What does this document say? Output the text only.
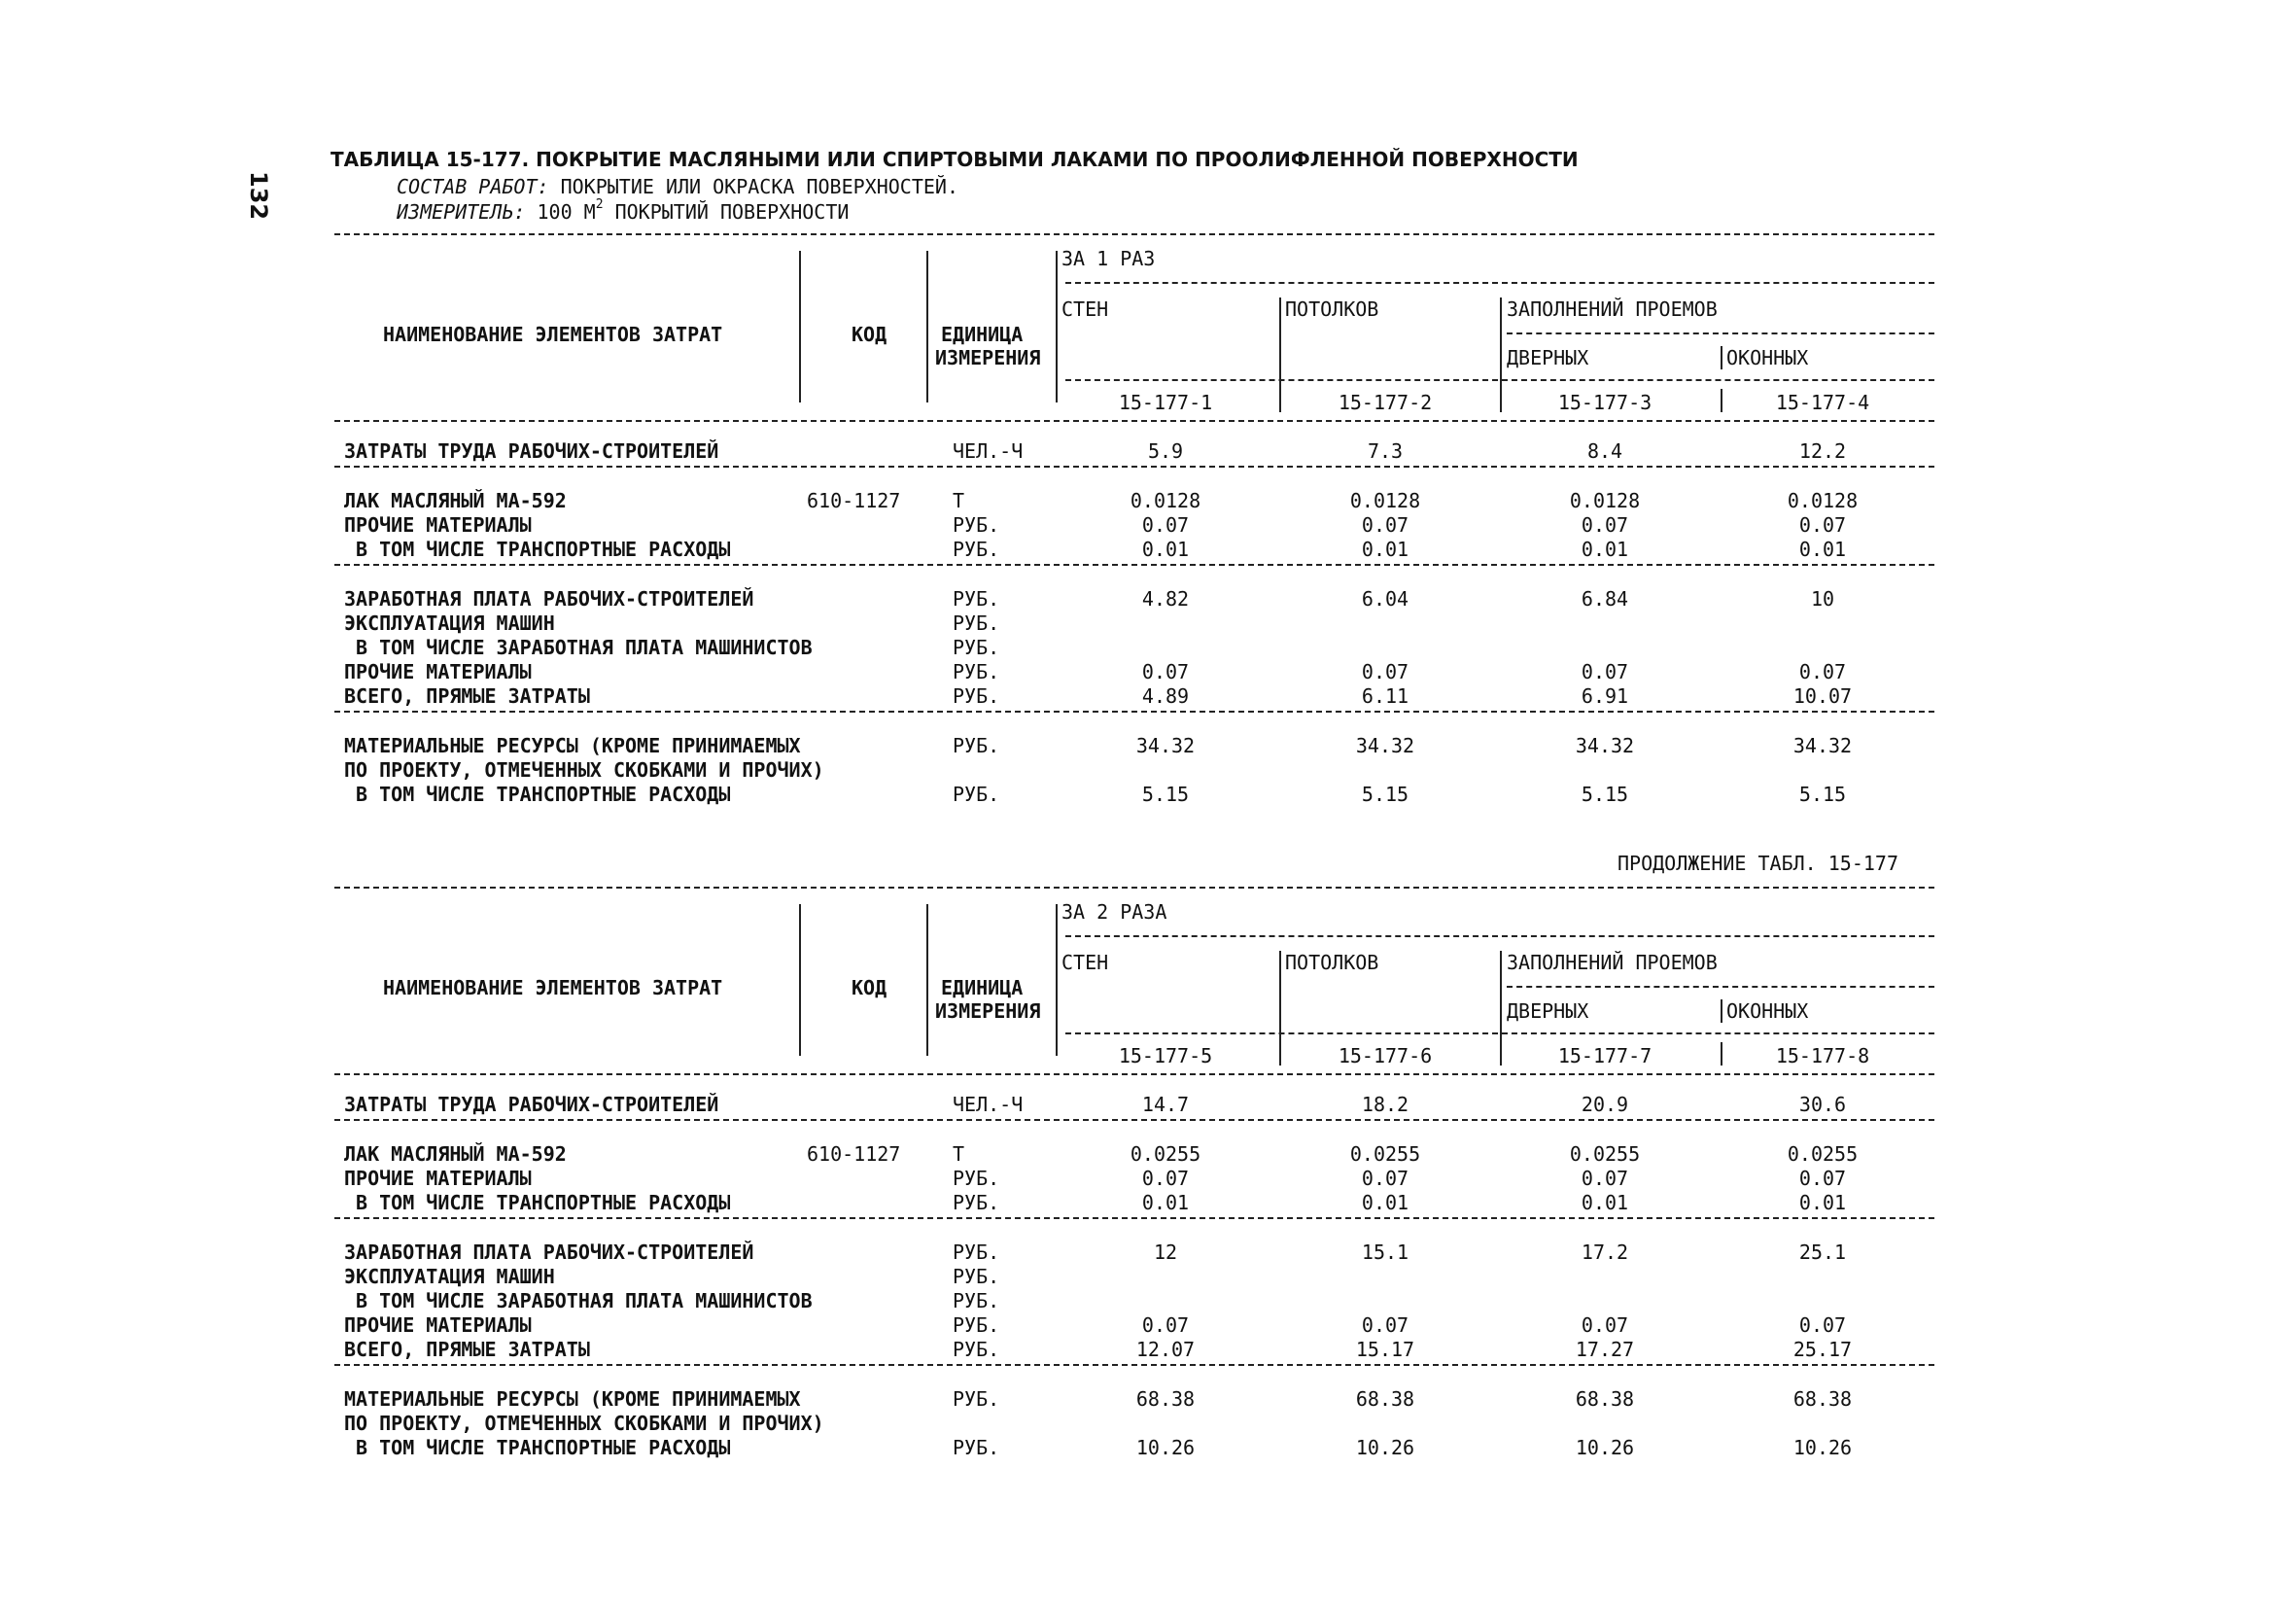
132
ТАБЛИЦА 15-177. ПОКРЫТИЕ МАСЛЯНЫМИ ИЛИ СПИРТОВЫМИ ЛАКАМИ ПО ПРООЛИФЛЕННОЙ ПОВЕРХНОСТИ
СОСТАВ РАБОТ: ПОКРЫТИЕ ИЛИ ОКРАСКА ПОВЕРХНОСТЕЙ.
ИЗМЕРИТЕЛЬ: 100 $М^2$ ПОКРЫТИЙ ПОВЕРХНОСТИ
ПРОДОЛЖЕНИЕ ТАБЛ. 15-177
ЗА 1 РАЗ
СТЕН	ПОТОЛКОВ	ЗАПОЛНЕНИЙ ПРОЕМОВ
ДВЕРНЫХ	ОКОННЫХ
НАИМЕНОВАНИЕ ЭЛЕМЕНТОВ ЗАТРАТ	КОД	ЕДИНИЦА
ИЗМЕРЕНИЯ
15-177-1	15-177-2	15-177-3	15-177-4
ЗАТРАТЫ ТРУДА РАБОЧИХ-СТРОИТЕЛЕЙ	ЧЕЛ.-Ч	5.9	7.3	8.4	12.2
ЛАК МАСЛЯНЫЙ МА-592	610-1127	Т	0.0128	0.0128	0.0128	0.0128
ПРОЧИЕ МАТЕРИАЛЫ	РУБ.	0.07	0.07	0.07	0.07
В ТОМ ЧИСЛЕ ТРАНСПОРТНЫЕ РАСХОДЫ	РУБ.	0.01	0.01	0.01	0.01
ЗАРАБОТНАЯ ПЛАТА РАБОЧИХ-СТРОИТЕЛЕЙ	РУБ.	4.82	6.04	6.84	10
ЭКСПЛУАТАЦИЯ МАШИН	РУБ.
В ТОМ ЧИСЛЕ ЗАРАБОТНАЯ ПЛАТА МАШИНИСТОВ	РУБ.
ПРОЧИЕ МАТЕРИАЛЫ	РУБ.	0.07	0.07	0.07	0.07
ВСЕГО, ПРЯМЫЕ ЗАТРАТЫ	РУБ.	4.89	6.11	6.91	10.07
МАТЕРИАЛЬНЫЕ РЕСУРСЫ (КРОМЕ ПРИНИМАЕМЫХ	РУБ.	34.32	34.32	34.32	34.32
ПО ПРОЕКТУ, ОТМЕЧЕННЫХ СКОБКАМИ И ПРОЧИХ)
В ТОМ ЧИСЛЕ ТРАНСПОРТНЫЕ РАСХОДЫ	РУБ.	5.15	5.15	5.15	5.15
ЗА 2 РАЗА
СТЕН	ПОТОЛКОВ	ЗАПОЛНЕНИЙ ПРОЕМОВ
ДВЕРНЫХ	ОКОННЫХ
НАИМЕНОВАНИЕ ЭЛЕМЕНТОВ ЗАТРАТ	КОД	ЕДИНИЦА
ИЗМЕРЕНИЯ
15-177-5	15-177-6	15-177-7	15-177-8
ЗАТРАТЫ ТРУДА РАБОЧИХ-СТРОИТЕЛЕЙ	ЧЕЛ.-Ч	14.7	18.2	20.9	30.6
ЛАК МАСЛЯНЫЙ МА-592	610-1127	Т	0.0255	0.0255	0.0255	0.0255
ПРОЧИЕ МАТЕРИАЛЫ	РУБ.	0.07	0.07	0.07	0.07
В ТОМ ЧИСЛЕ ТРАНСПОРТНЫЕ РАСХОДЫ	РУБ.	0.01	0.01	0.01	0.01
ЗАРАБОТНАЯ ПЛАТА РАБОЧИХ-СТРОИТЕЛЕЙ	РУБ.	12	15.1	17.2	25.1
ЭКСПЛУАТАЦИЯ МАШИН	РУБ.
В ТОМ ЧИСЛЕ ЗАРАБОТНАЯ ПЛАТА МАШИНИСТОВ	РУБ.
ПРОЧИЕ МАТЕРИАЛЫ	РУБ.	0.07	0.07	0.07	0.07
ВСЕГО, ПРЯМЫЕ ЗАТРАТЫ	РУБ.	12.07	15.17	17.27	25.17
МАТЕРИАЛЬНЫЕ РЕСУРСЫ (КРОМЕ ПРИНИМАЕМЫХ	РУБ.	68.38	68.38	68.38	68.38
ПО ПРОЕКТУ, ОТМЕЧЕННЫХ СКОБКАМИ И ПРОЧИХ)
В ТОМ ЧИСЛЕ ТРАНСПОРТНЫЕ РАСХОДЫ	РУБ.	10.26	10.26	10.26	10.26
